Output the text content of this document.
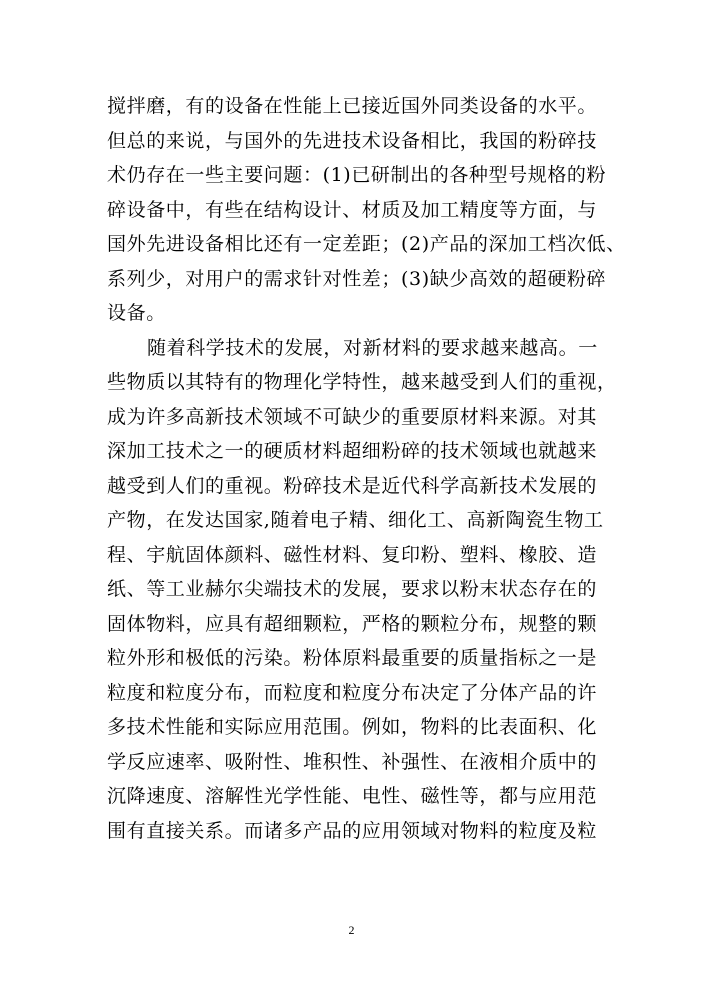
搅拌磨，有的设备在性能上已接近国外同类设备的水平。
但总的来说，与国外的先进技术设备相比，我国的粉碎技
术仍存在一些主要问题：(1)已研制出的各种型号规格的粉
碎设备中，有些在结构设计、材质及加工精度等方面，与
国外先进设备相比还有一定差距；(2)产品的深加工档次低、
系列少，对用户的需求针对性差；(3)缺少高效的超硬粉碎
设备。
随着科学技术的发展，对新材料的要求越来越高。一
些物质以其特有的物理化学特性，越来越受到人们的重视，
成为许多高新技术领域不可缺少的重要原材料来源。对其
深加工技术之一的硬质材料超细粉碎的技术领域也就越来
越受到人们的重视。粉碎技术是近代科学高新技术发展的
产物，在发达国家,随着电子精、细化工、高新陶瓷生物工
程、宇航固体颜料、磁性材料、复印粉、塑料、橡胶、造
纸、等工业赫尔尖端技术的发展，要求以粉末状态存在的
固体物料，应具有超细颗粒，严格的颗粒分布，规整的颗
粒外形和极低的污染。粉体原料最重要的质量指标之一是
粒度和粒度分布，而粒度和粒度分布决定了分体产品的许
多技术性能和实际应用范围。例如，物料的比表面积、化
学反应速率、吸附性、堆积性、补强性、在液相介质中的
沉降速度、溶解性光学性能、电性、磁性等，都与应用范
围有直接关系。而诸多产品的应用领域对物料的粒度及粒
2
